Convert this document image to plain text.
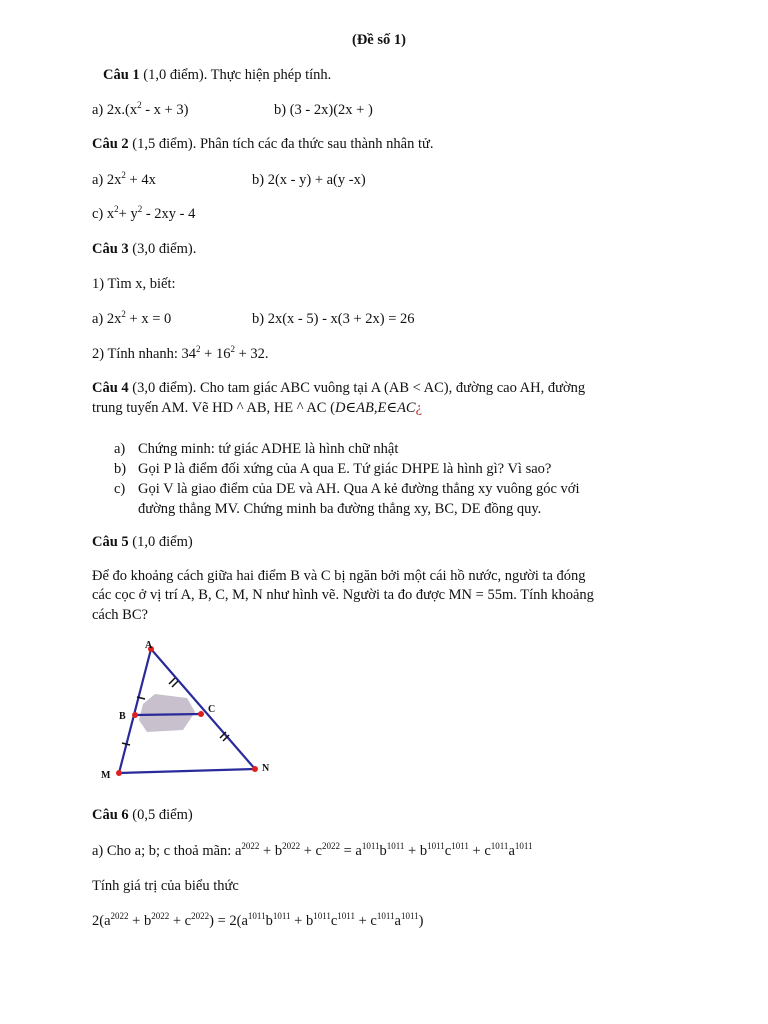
(Đề số 1)
Câu 1 (1,0 điểm). Thực hiện phép tính.
a) $2x.(x^2 - x + 3)$	b) (3 - 2x)(2x + )
Câu 2 (1,5 điểm). Phân tích các đa thức sau thành nhân tử.
a) $2x^2 + 4x$	b) 2(x - y) + a(y -x)
c) $x^2+ y^2 - 2xy - 4$
Câu 3 (3,0 điểm).
1) Tìm x, biết:
a) $2x^2 + x = 0$	b) 2x(x - 5) - x(3 + 2x) = 26
2) Tính nhanh: $34^2 + 16^2 + 32$.
Câu 4 (3,0 điểm). Cho tam giác ABC vuông tại A (AB < AC), đường cao AH, đường
trung tuyến AM. Vẽ HD ^ AB, HE ^ AC (D∈AB,E∈AC¿
a) Chứng minh: tứ giác ADHE là hình chữ nhật
b) Gọi P là điểm đối xứng của A qua E. Tứ giác DHPE là hình gì? Vì sao?
c) Gọi V là giao điểm của DE và AH. Qua A kẻ đường thẳng xy vuông góc với
đường thẳng MV. Chứng minh ba đường thẳng xy, BC, DE đồng quy.
Câu 5 (1,0 điểm)
Để đo khoảng cách giữa hai điểm B và C bị ngăn bởi một cái hồ nước, người ta đóng
các cọc ở vị trí A, B, C, M, N như hình vẽ. Người ta đo được MN = 55m. Tính khoảng
cách BC?
A
B
C
M
N
Câu 6 (0,5 điểm)
a) Cho a; b; c thoả mãn: $a^{2022} + b^{2022} + c^{2022} = a^{1011}b^{1011} + b^{1011}c^{1011} + c^{1011}a^{1011}$
Tính giá trị của biểu thức
$2(a^{2022} + b^{2022} + c^{2022}) = 2(a^{1011}b^{1011} + b^{1011}c^{1011} + c^{1011}a^{1011})$
